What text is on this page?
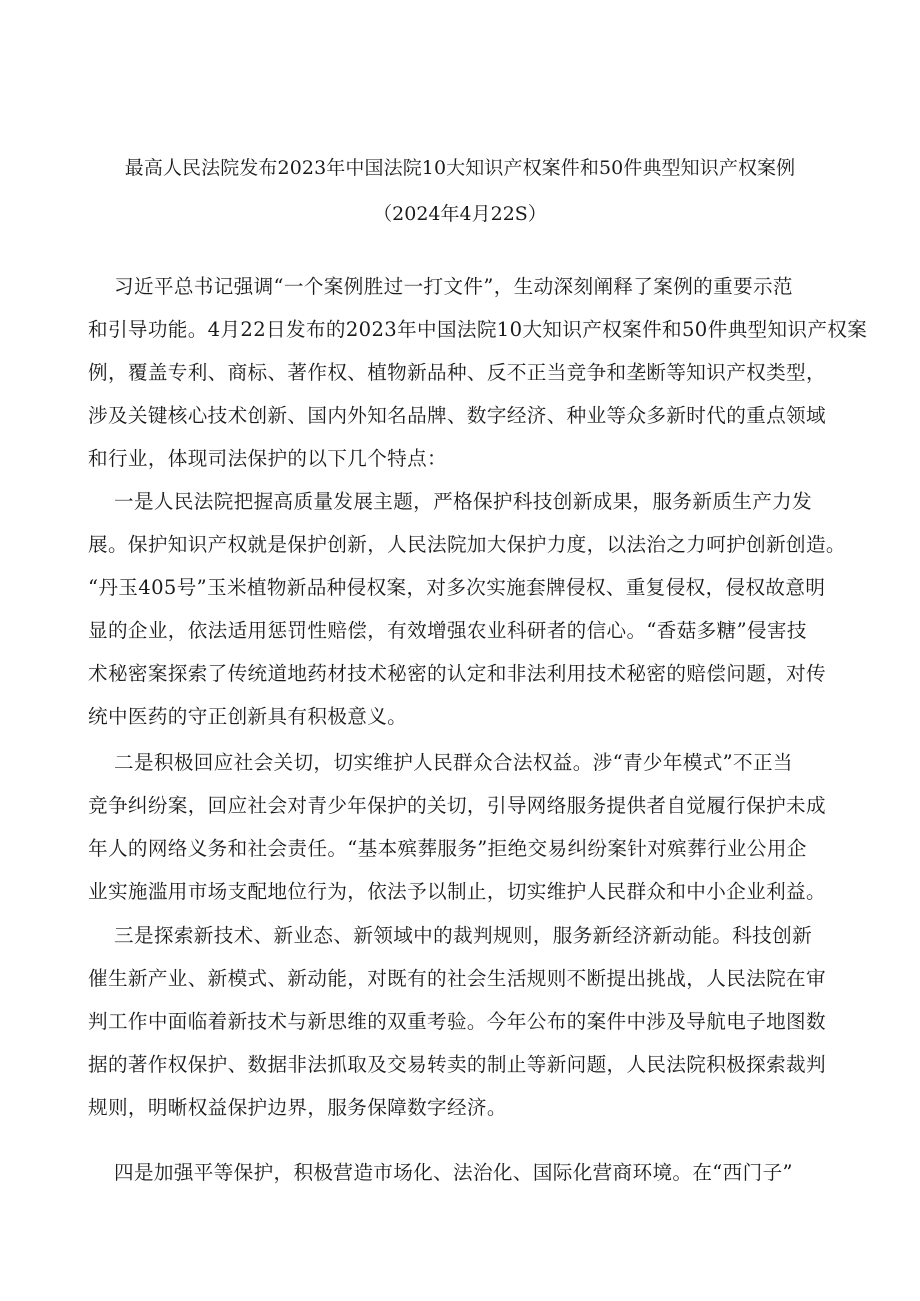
最高人民法院发布2023年中国法院10大知识产权案件和50件典型知识产权案例
（2024年4月22S）
习近平总书记强调“一个案例胜过一打文件”，生动深刻阐释了案例的重要示范
和引导功能。4月22日发布的2023年中国法院10大知识产权案件和50件典型知识产权案
例，覆盖专利、商标、著作权、植物新品种、反不正当竞争和垄断等知识产权类型，
涉及关键核心技术创新、国内外知名品牌、数字经济、种业等众多新时代的重点领域
和行业，体现司法保护的以下几个特点：
一是人民法院把握高质量发展主题，严格保护科技创新成果，服务新质生产力发
展。保护知识产权就是保护创新，人民法院加大保护力度，以法治之力呵护创新创造。
“丹玉405号”玉米植物新品种侵权案，对多次实施套牌侵权、重复侵权，侵权故意明
显的企业，依法适用惩罚性赔偿，有效增强农业科研者的信心。“香菇多糖”侵害技
术秘密案探索了传统道地药材技术秘密的认定和非法利用技术秘密的赔偿问题，对传
统中医药的守正创新具有积极意义。
二是积极回应社会关切，切实维护人民群众合法权益。涉“青少年模式”不正当
竞争纠纷案，回应社会对青少年保护的关切，引导网络服务提供者自觉履行保护未成
年人的网络义务和社会责任。“基本殡葬服务”拒绝交易纠纷案针对殡葬行业公用企
业实施滥用市场支配地位行为，依法予以制止，切实维护人民群众和中小企业利益。
三是探索新技术、新业态、新领域中的裁判规则，服务新经济新动能。科技创新
催生新产业、新模式、新动能，对既有的社会生活规则不断提出挑战，人民法院在审
判工作中面临着新技术与新思维的双重考验。今年公布的案件中涉及导航电子地图数
据的著作权保护、数据非法抓取及交易转卖的制止等新问题，人民法院积极探索裁判
规则，明晰权益保护边界，服务保障数字经济。
四是加强平等保护，积极营造市场化、法治化、国际化营商环境。在“西门子”
